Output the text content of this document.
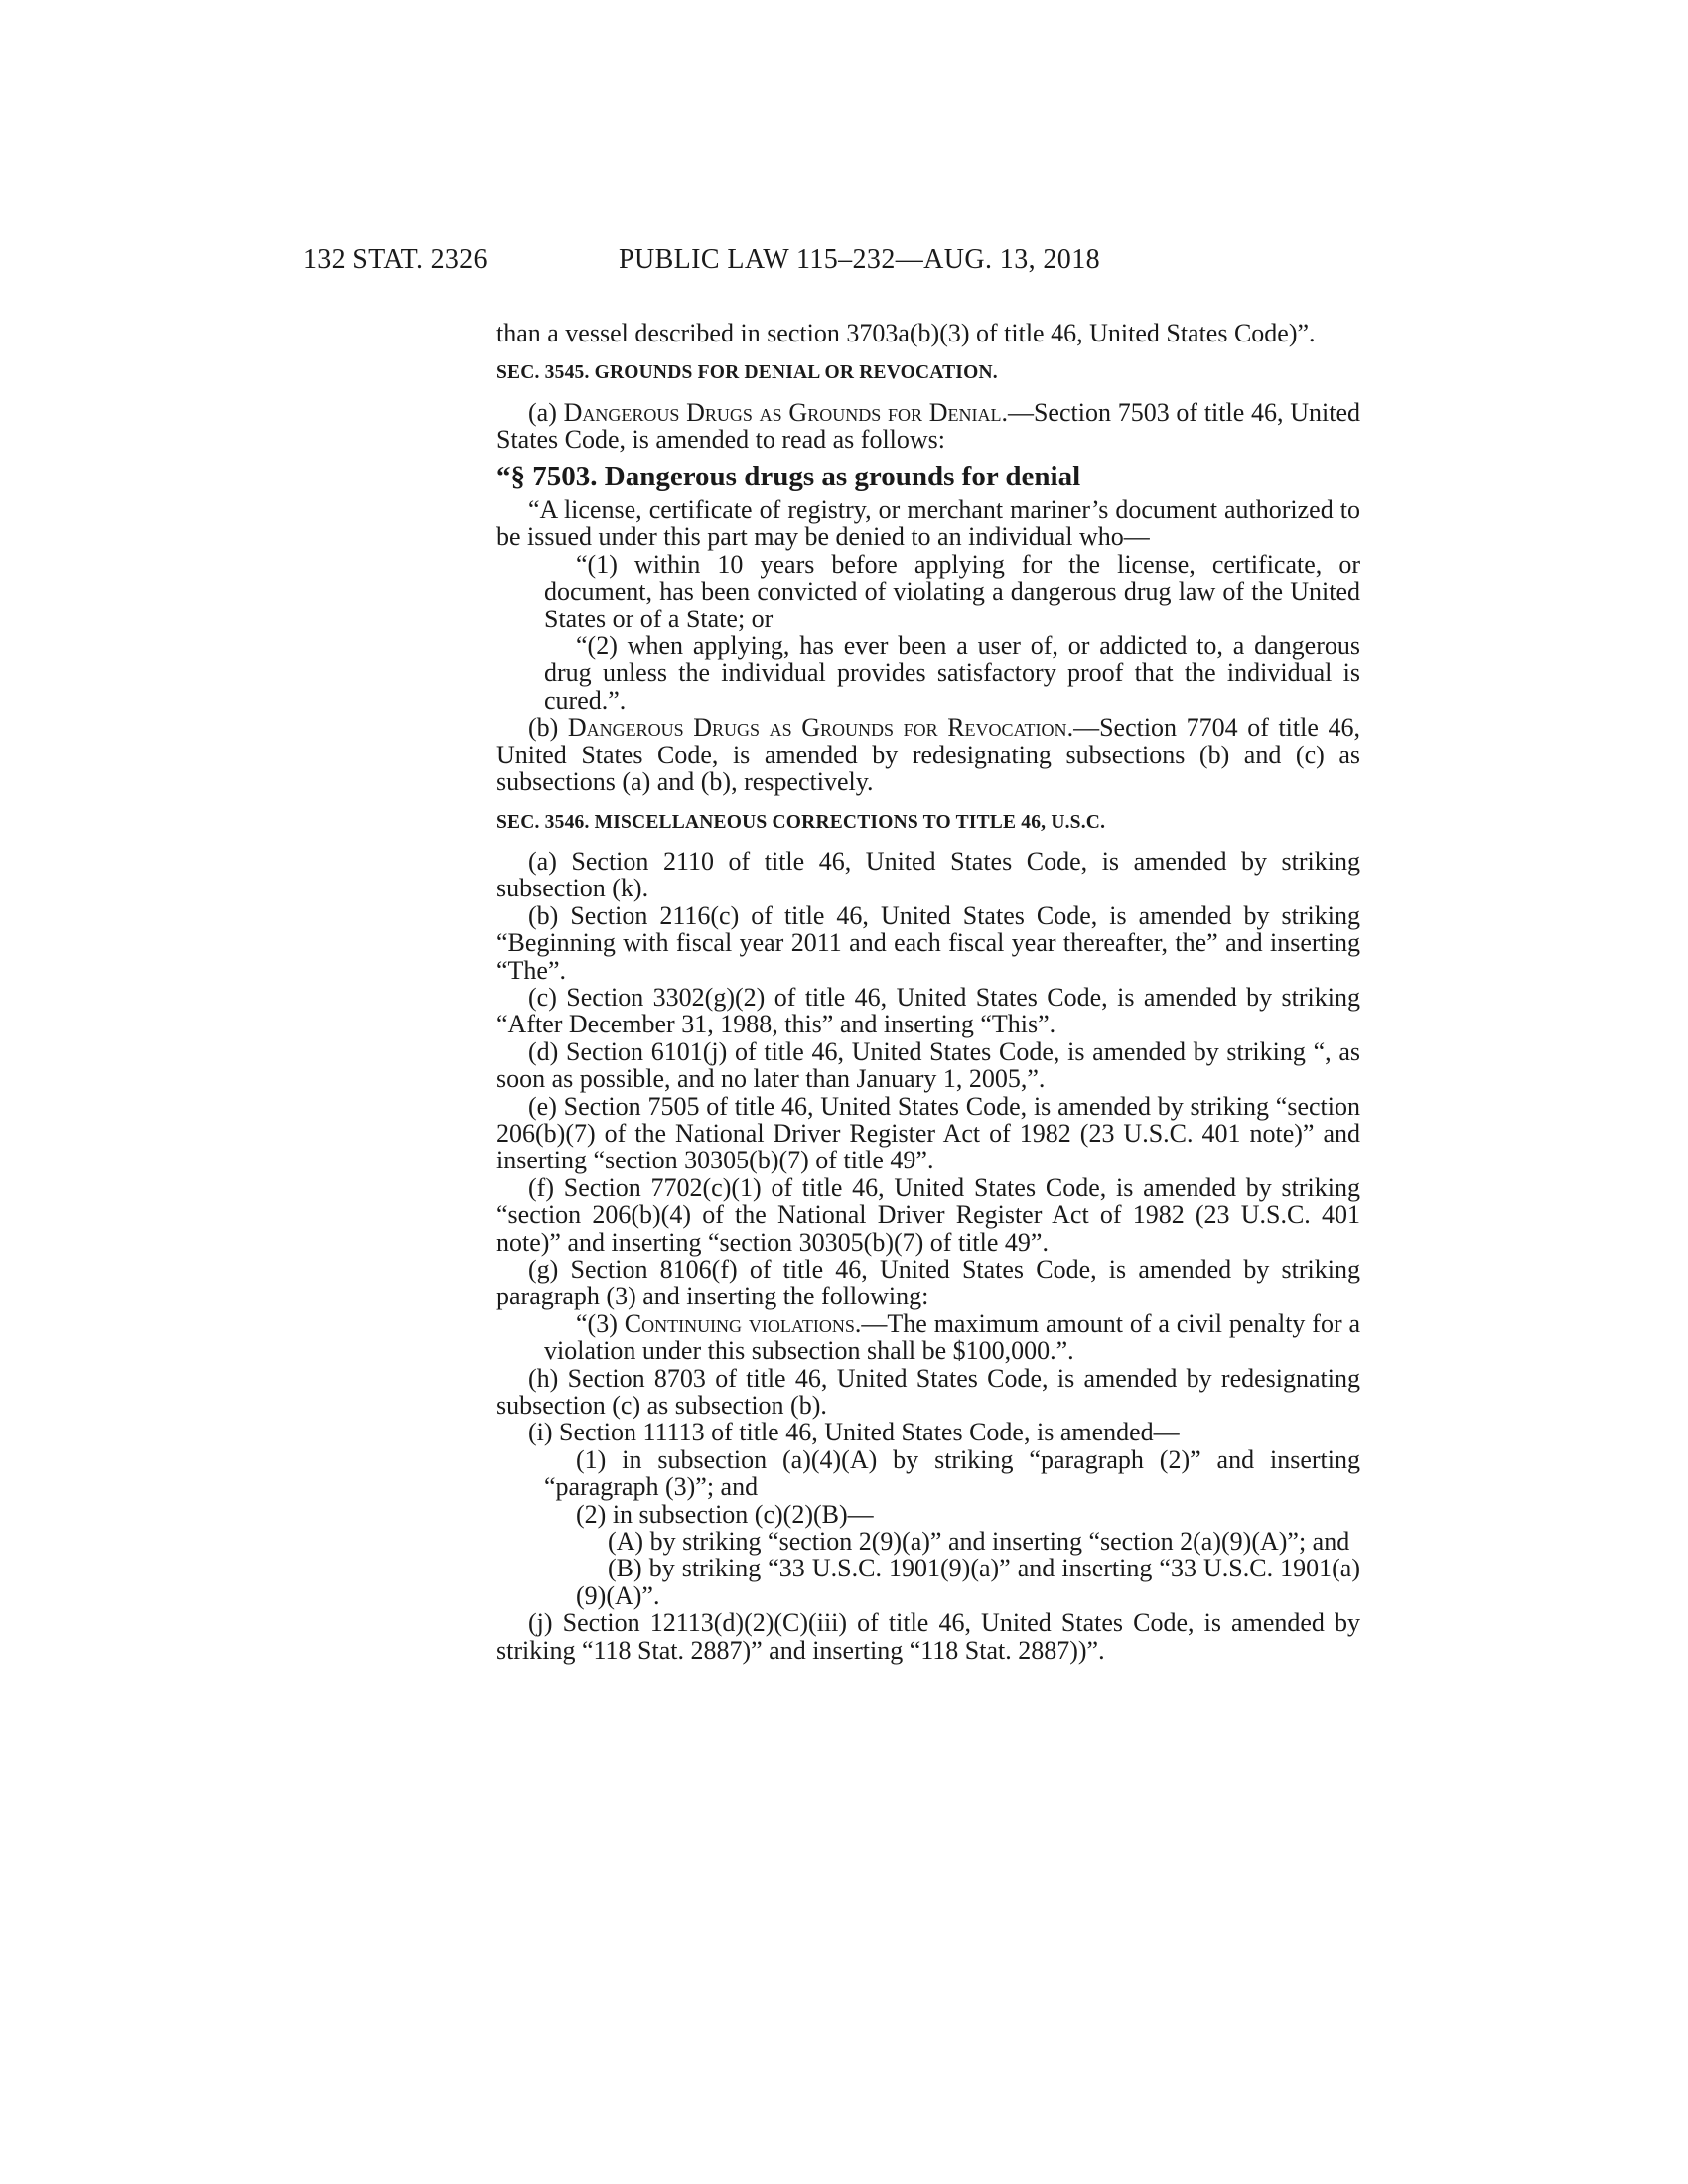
132 STAT. 2326	PUBLIC LAW 115–232—AUG. 13, 2018

than a vessel described in section 3703a(b)(3) of title 46, United States Code)”.

SEC. 3545. GROUNDS FOR DENIAL OR REVOCATION.

(a) Dangerous Drugs as Grounds for Denial.—Section 7503 of title 46, United States Code, is amended to read as follows:

“§ 7503. Dangerous drugs as grounds for denial

“A license, certificate of registry, or merchant mariner’s document authorized to be issued under this part may be denied to an individual who—

“(1) within 10 years before applying for the license, certificate, or document, has been convicted of violating a dangerous drug law of the United States or of a State; or

“(2) when applying, has ever been a user of, or addicted to, a dangerous drug unless the individual provides satisfactory proof that the individual is cured.”.

(b) Dangerous Drugs as Grounds for Revocation.—Section 7704 of title 46, United States Code, is amended by redesignating subsections (b) and (c) as subsections (a) and (b), respectively.

SEC. 3546. MISCELLANEOUS CORRECTIONS TO TITLE 46, U.S.C.

(a) Section 2110 of title 46, United States Code, is amended by striking subsection (k).

(b) Section 2116(c) of title 46, United States Code, is amended by striking “Beginning with fiscal year 2011 and each fiscal year thereafter, the” and inserting “The”.

(c) Section 3302(g)(2) of title 46, United States Code, is amended by striking “After December 31, 1988, this” and inserting “This”.

(d) Section 6101(j) of title 46, United States Code, is amended by striking “, as soon as possible, and no later than January 1, 2005,”.

(e) Section 7505 of title 46, United States Code, is amended by striking “section 206(b)(7) of the National Driver Register Act of 1982 (23 U.S.C. 401 note)” and inserting “section 30305(b)(7) of title 49”.

(f) Section 7702(c)(1) of title 46, United States Code, is amended by striking “section 206(b)(4) of the National Driver Register Act of 1982 (23 U.S.C. 401 note)” and inserting “section 30305(b)(7) of title 49”.

(g) Section 8106(f) of title 46, United States Code, is amended by striking paragraph (3) and inserting the following:

“(3) Continuing violations.—The maximum amount of a civil penalty for a violation under this subsection shall be $100,000.”.

(h) Section 8703 of title 46, United States Code, is amended by redesignating subsection (c) as subsection (b).

(i) Section 11113 of title 46, United States Code, is amended—

(1) in subsection (a)(4)(A) by striking “paragraph (2)” and inserting “paragraph (3)”; and

(2) in subsection (c)(2)(B)—

(A) by striking “section 2(9)(a)” and inserting “section 2(a)(9)(A)”; and

(B) by striking “33 U.S.C. 1901(9)(a)” and inserting “33 U.S.C. 1901(a)(9)(A)”.

(j) Section 12113(d)(2)(C)(iii) of title 46, United States Code, is amended by striking “118 Stat. 2887)” and inserting “118 Stat. 2887))”.
